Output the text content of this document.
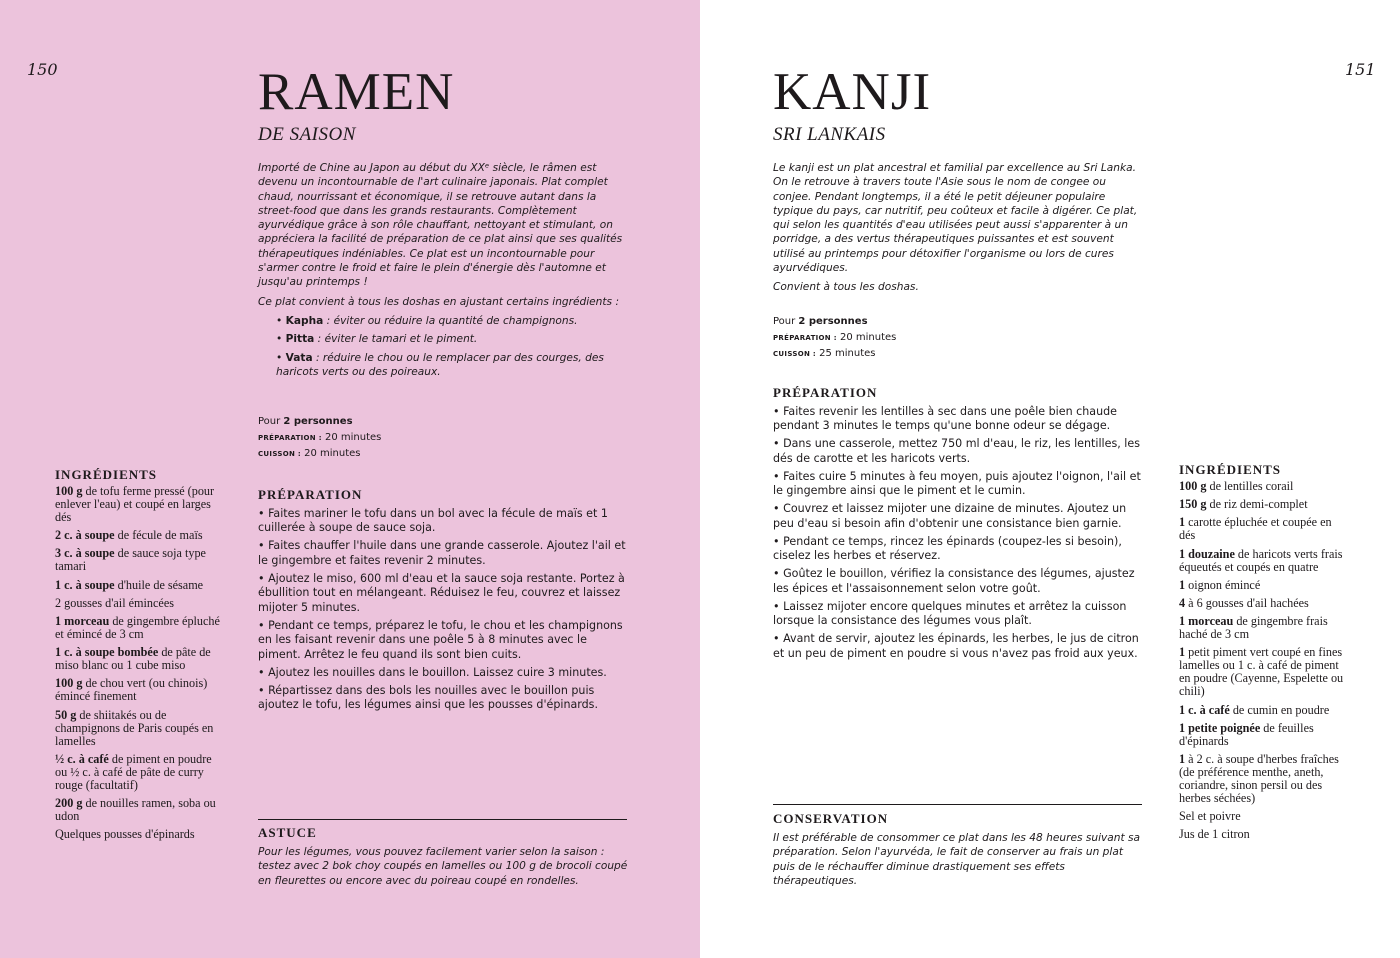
150	RAMEN
DE SAISON

Importé de Chine au Japon au début du XXᵉ siècle, le râmen est devenu un incontournable de l'art culinaire japonais. Plat complet chaud, nourrissant et économique, il se retrouve autant dans la street-food que dans les grands restaurants. Complètement ayurvédique grâce à son rôle chauffant, nettoyant et stimulant, on appréciera la facilité de préparation de ce plat ainsi que ses qualités thérapeutiques indéniables. Ce plat est un incontournable pour s'armer contre le froid et faire le plein d'énergie dès l'automne et jusqu'au printemps !

Ce plat convient à tous les doshas en ajustant certains ingrédients :

• Kapha : éviter ou réduire la quantité de champignons.
• Pitta : éviter le tamari et le piment.
• Vata : réduire le chou ou le remplacer par des courges, des haricots verts ou des poireaux.
Pour 2 personnes
PRÉPARATION : 20 minutes
CUISSON : 20 minutes
PRÉPARATION

• Faites mariner le tofu dans un bol avec la fécule de maïs et 1 cuillerée à soupe de sauce soja.

• Faites chauffer l'huile dans une grande casserole. Ajoutez l'ail et le gingembre et faites revenir 2 minutes.

• Ajoutez le miso, 600 ml d'eau et la sauce soja restante. Portez à ébullition tout en mélangeant. Réduisez le feu, couvrez et laissez mijoter 5 minutes.

• Pendant ce temps, préparez le tofu, le chou et les champignons en les faisant revenir dans une poêle 5 à 8 minutes avec le piment. Arrêtez le feu quand ils sont bien cuits.

• Ajoutez les nouilles dans le bouillon. Laissez cuire 3 minutes.

• Répartissez dans des bols les nouilles avec le bouillon puis ajoutez le tofu, les légumes ainsi que les pousses d'épinards.

INGRÉDIENTS

100 g de tofu ferme pressé (pour enlever l'eau) et coupé en larges dés

2 c. à soupe de fécule de maïs

3 c. à soupe de sauce soja type tamari

1 c. à soupe d'huile de sésame

2 gousses d'ail émincées

1 morceau de gingembre épluché et émincé de 3 cm

1 c. à soupe bombée de pâte de miso blanc ou 1 cube miso

100 g de chou vert (ou chinois) émincé finement

50 g de shiitakés ou de champignons de Paris coupés en lamelles

½ c. à café de piment en poudre ou ½ c. à café de pâte de curry rouge (facultatif)

200 g de nouilles ramen, soba ou udon

Quelques pousses d'épinards	ASTUCE
Pour les légumes, vous pouvez facilement varier selon la saison : testez avec 2 bok choy coupés en lamelles ou 100 g de brocoli coupé en fleurettes ou encore avec du poireau coupé en rondelles.
151
KANJI
SRI LANKAIS

Le kanji est un plat ancestral et familial par excellence au Sri Lanka. On le retrouve à travers toute l'Asie sous le nom de congee ou conjee. Pendant longtemps, il a été le petit déjeuner populaire typique du pays, car nutritif, peu coûteux et facile à digérer. Ce plat, qui selon les quantités d'eau utilisées peut aussi s'apparenter à un porridge, a des vertus thérapeutiques puissantes et est souvent utilisé au printemps pour détoxifier l'organisme ou lors de cures ayurvédiques.

Convient à tous les doshas.

Pour 2 personnes
PRÉPARATION : 20 minutes
CUISSON : 25 minutes
PRÉPARATION

• Faites revenir les lentilles à sec dans une poêle bien chaude pendant 3 minutes le temps qu'une bonne odeur se dégage.

• Dans une casserole, mettez 750 ml d'eau, le riz, les lentilles, les dés de carotte et les haricots verts.

• Faites cuire 5 minutes à feu moyen, puis ajoutez l'oignon, l'ail et le gingembre ainsi que le piment et le cumin.

• Couvrez et laissez mijoter une dizaine de minutes. Ajoutez un peu d'eau si besoin afin d'obtenir une consistance bien garnie.

• Pendant ce temps, rincez les épinards (coupez-les si besoin), ciselez les herbes et réservez.

• Goûtez le bouillon, vérifiez la consistance des légumes, ajustez les épices et l'assaisonnement selon votre goût.

• Laissez mijoter encore quelques minutes et arrêtez la cuisson lorsque la consistance des légumes vous plaît.

• Avant de servir, ajoutez les épinards, les herbes, le jus de citron et un peu de piment en poudre si vous n'avez pas froid aux yeux.

INGRÉDIENTS

100 g de lentilles corail

150 g de riz demi-complet

1 carotte épluchée et coupée en dés

1 douzaine de haricots verts frais équeutés et coupés en quatre

1 oignon émincé

4 à 6 gousses d'ail hachées

1 morceau de gingembre frais haché de 3 cm

1 petit piment vert coupé en fines lamelles ou 1 c. à café de piment en poudre (Cayenne, Espelette ou chili)

1 c. à café de cumin en poudre

1 petite poignée de feuilles d'épinards

1 à 2 c. à soupe d'herbes fraîches (de préférence menthe, aneth, coriandre, sinon persil ou des herbes séchées)

Sel et poivre

Jus de 1 citron

CONSERVATION
Il est préférable de consommer ce plat dans les 48 heures suivant sa préparation. Selon l'ayurvéda, le fait de conserver au frais un plat puis de le réchauffer diminue drastiquement ses effets thérapeutiques.
